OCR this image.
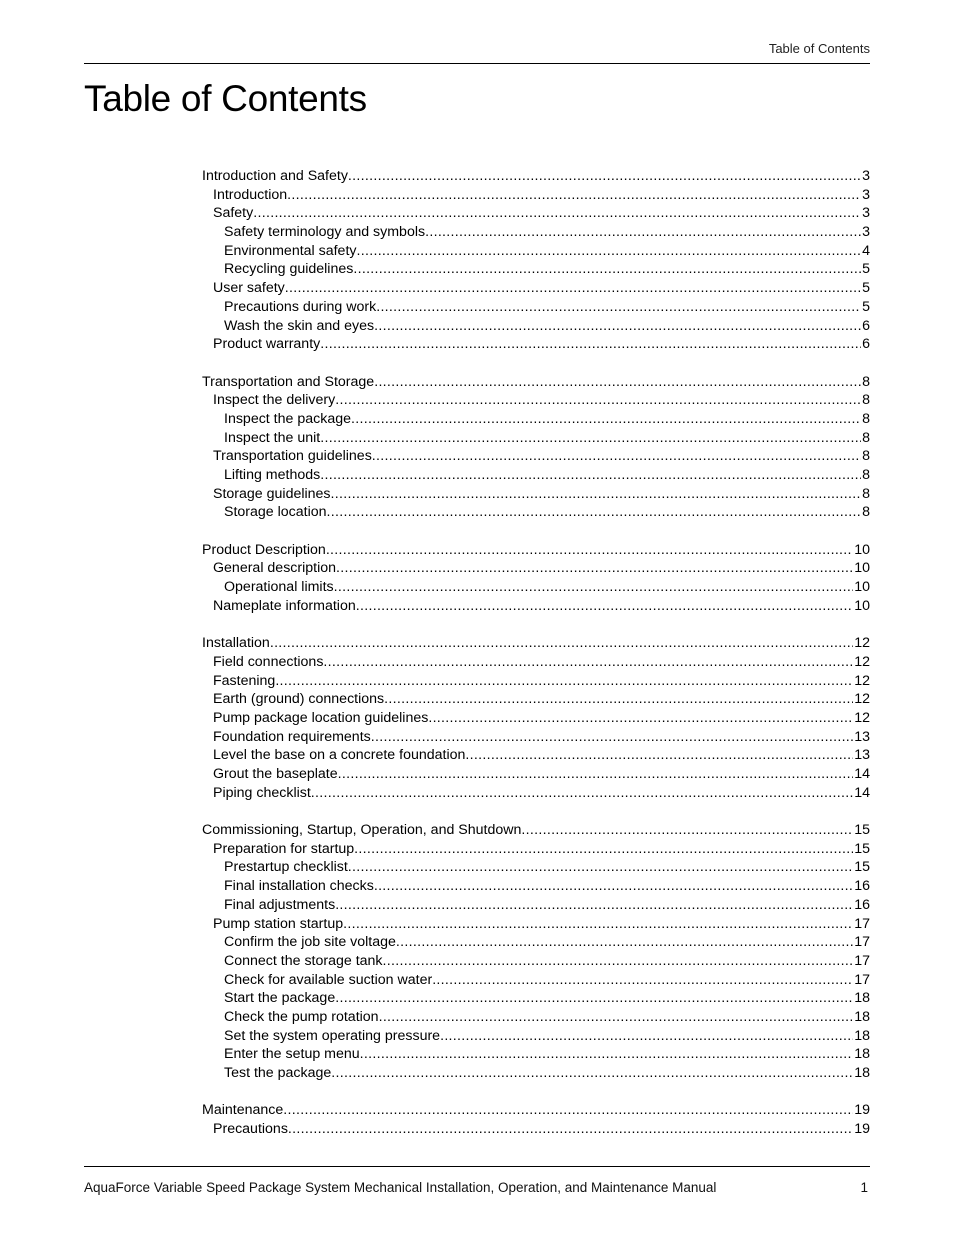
Table of Contents
Table of Contents
Introduction and Safety .....	3
Introduction .....	3
Safety .....	3
Safety terminology and symbols .....	3
Environmental safety .....	4
Recycling guidelines .....	5
User safety .....	5
Precautions during work .....	5
Wash the skin and eyes .....	6
Product warranty .....	6
Transportation and Storage .....	8
Inspect the delivery .....	8
Inspect the package .....	8
Inspect the unit .....	8
Transportation guidelines .....	8
Lifting methods .....	8
Storage guidelines .....	8
Storage location .....	8
Product Description .....	10
General description .....	10
Operational limits .....	10
Nameplate information .....	10
Installation .....	12
Field connections .....	12
Fastening .....	12
Earth (ground) connections .....	12
Pump package location guidelines .....	12
Foundation requirements .....	13
Level the base on a concrete foundation .....	13
Grout the baseplate .....	14
Piping checklist .....	14
Commissioning, Startup, Operation, and Shutdown .....	15
Preparation for startup .....	15
Prestartup checklist .....	15
Final installation checks .....	16
Final adjustments .....	16
Pump station startup .....	17
Confirm the job site voltage .....	17
Connect the storage tank .....	17
Check for available suction water .....	17
Start the package .....	18
Check the pump rotation .....	18
Set the system operating pressure .....	18
Enter the setup menu .....	18
Test the package .....	18
Maintenance .....	19
Precautions .....	19
AquaForce Variable Speed Package System Mechanical Installation, Operation, and Maintenance Manual	1
